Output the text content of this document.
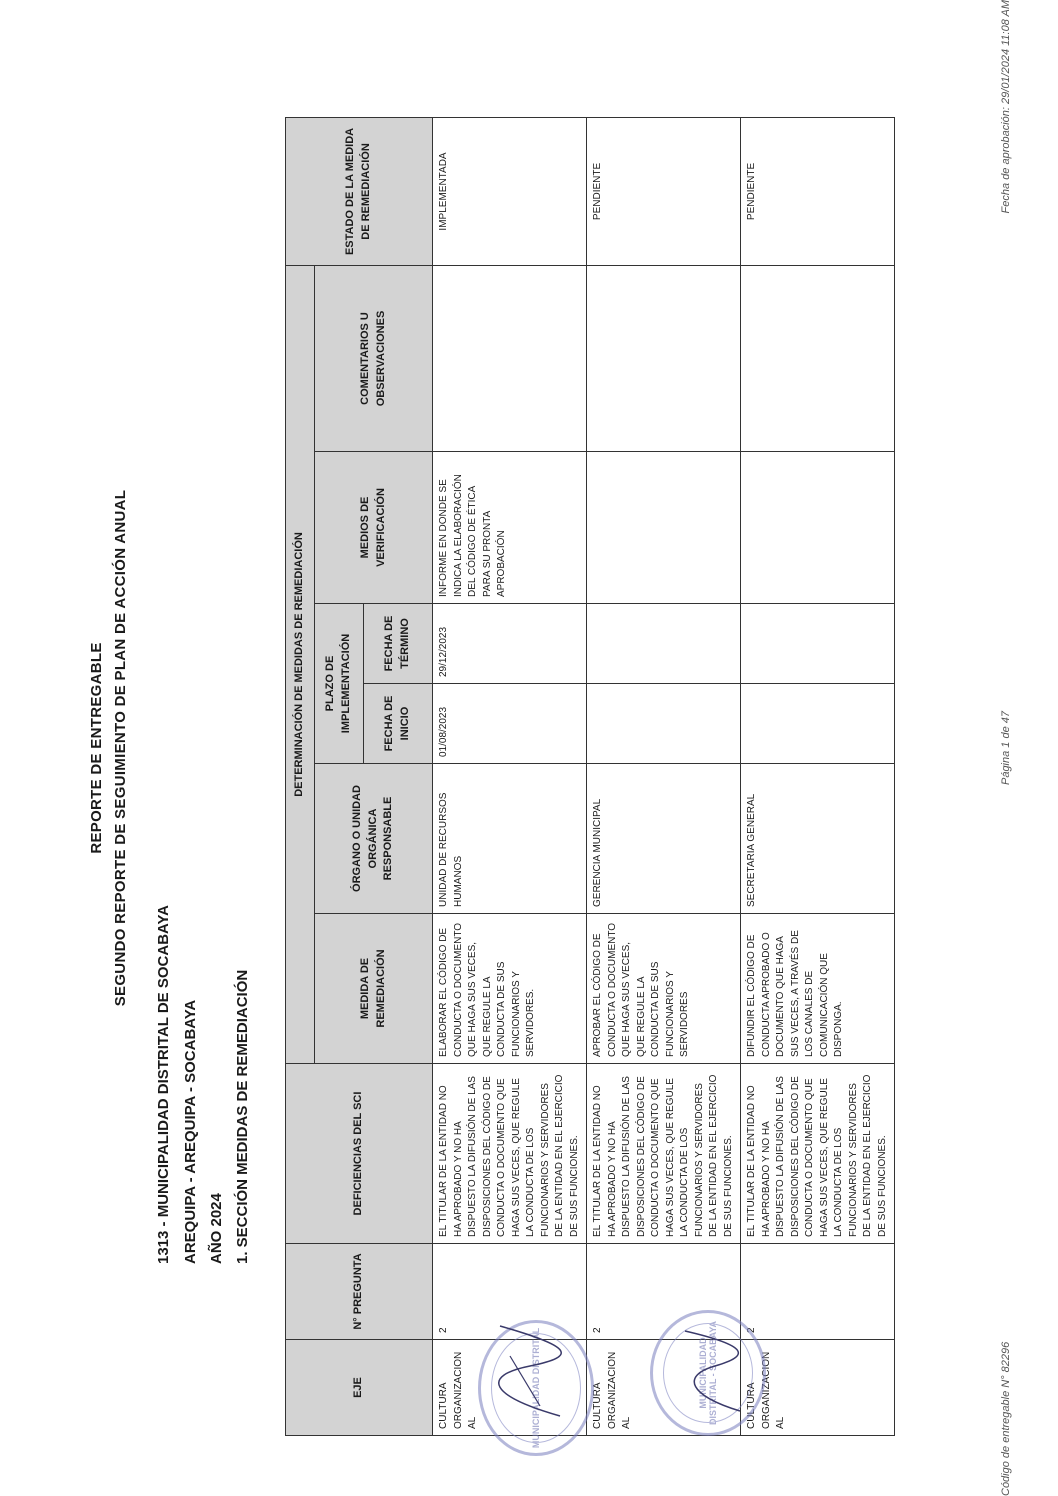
REPORTE DE ENTREGABLE SEGUNDO REPORTE DE SEGUIMIENTO DE PLAN DE ACCIÓN ANUAL
1313 - MUNICIPALIDAD DISTRITAL DE SOCABAYA AREQUIPA - AREQUIPA - SOCABAYA AÑO 2024 1. SECCIÓN MEDIDAS DE REMEDIACIÓN
EJE	N° PREGUNTA	DEFICIENCIAS DEL SCI	DETERMINACIÓN DE MEDIDAS DE REMEDIACIÓN						ESTADO DE LA MEDIDA DE REMEDIACIÓN
			MEDIDA DE REMEDIACIÓN	ÓRGANO O UNIDAD ORGÁNICA RESPONSABLE	PLAZO DE IMPLEMENTACIÓN		MEDIOS DE VERIFICACIÓN	COMENTARIOS U OBSERVACIONES	
					FECHA DE INICIO	FECHA DE TÉRMINO			
CULTURA ORGANIZACION AL	2	EL TITULAR DE LA ENTIDAD NO HA APROBADO Y NO HA DISPUESTO LA DIFUSIÓN DE LAS DISPOSICIONES DEL CÓDIGO DE CONDUCTA O DOCUMENTO QUE HAGA SUS VECES, QUE REGULE LA CONDUCTA DE LOS FUNCIONARIOS Y SERVIDORES DE LA ENTIDAD EN EL EJERCICIO DE SUS FUNCIONES.	ELABORAR EL CÓDIGO DE CONDUCTA O DOCUMENTO QUE HAGA SUS VECES, QUE REGULE LA CONDUCTA DE SUS FUNCIONARIOS Y SERVIDORES.	UNIDAD DE RECURSOS HUMANOS	01/08/2023	29/12/2023	INFORME EN DONDE SE INDICA LA ELABORACIÓN DEL CÓDIGO DE ÉTICA PARA SU PRONTA APROBACIÓN		IMPLEMENTADA
CULTURA ORGANIZACION AL	2	EL TITULAR DE LA ENTIDAD NO HA APROBADO Y NO HA DISPUESTO LA DIFUSIÓN DE LAS DISPOSICIONES DEL CÓDIGO DE CONDUCTA O DOCUMENTO QUE HAGA SUS VECES, QUE REGULE LA CONDUCTA DE LOS FUNCIONARIOS Y SERVIDORES DE LA ENTIDAD EN EL EJERCICIO DE SUS FUNCIONES.	APROBAR EL CÓDIGO DE CONDUCTA O DOCUMENTO QUE HAGA SUS VECES, QUE REGULE LA CONDUCTA DE SUS FUNCIONARIOS Y SERVIDORES	GERENCIA MUNICIPAL					PENDIENTE
CULTURA ORGANIZACION AL	2	EL TITULAR DE LA ENTIDAD NO HA APROBADO Y NO HA DISPUESTO LA DIFUSIÓN DE LAS DISPOSICIONES DEL CÓDIGO DE CONDUCTA O DOCUMENTO QUE HAGA SUS VECES, QUE REGULE LA CONDUCTA DE LOS FUNCIONARIOS Y SERVIDORES DE LA ENTIDAD EN EL EJERCICIO DE SUS FUNCIONES.	DIFUNDIR EL CÓDIGO DE CONDUCTA APROBADO O DOCUMENTO QUE HAGA SUS VECES, A TRAVÉS DE LOS CANALES DE COMUNICACIÓN QUE DISPONGA.	SECRETARIA GENERAL					PENDIENTE
MUNICIPALIDAD DISTRITAL	MUNICIPALIDAD DISTRITAL - SOCABAYA	Código de entregable N° 82296
Página 1 de 47
Fecha de aprobación: 29/01/2024 11:08 AM
